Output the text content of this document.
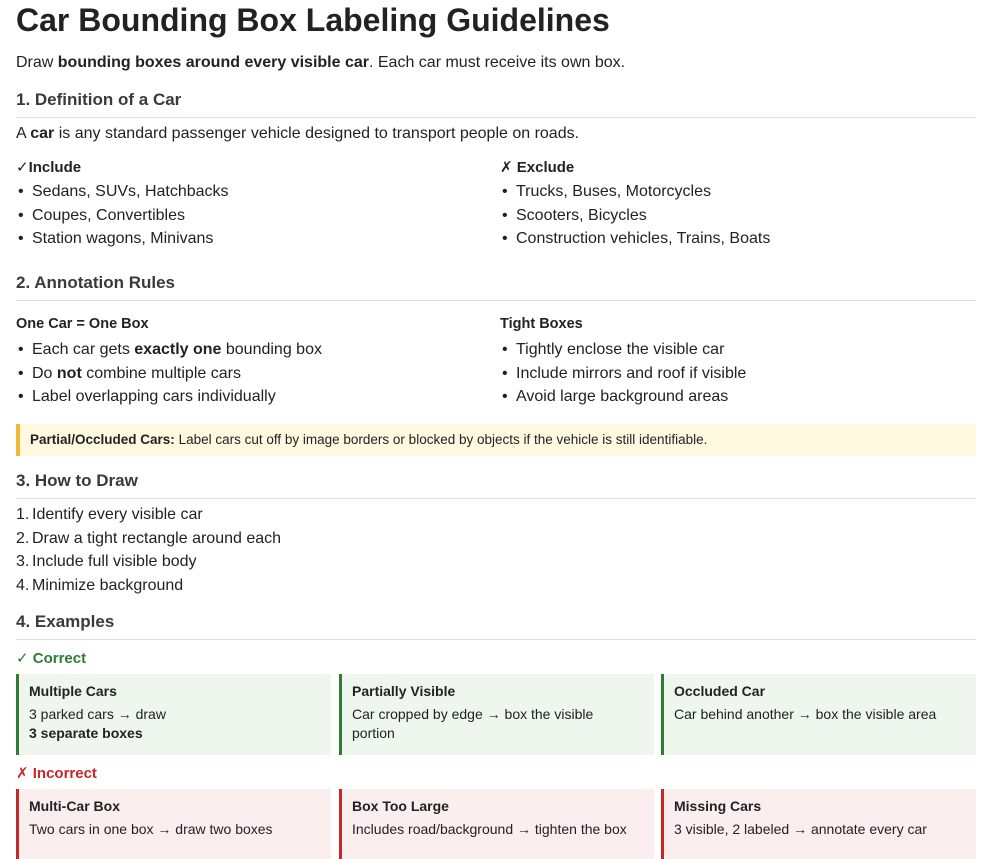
Car Bounding Box Labeling Guidelines
Draw bounding boxes around every visible car. Each car must receive its own box.
1. Definition of a Car
A car is any standard passenger vehicle designed to transport people on roads.
✓Include
• Sedans, SUVs, Hatchbacks
• Coupes, Convertibles
• Station wagons, Minivans
✗ Exclude
• Trucks, Buses, Motorcycles
• Scooters, Bicycles
• Construction vehicles, Trains, Boats
2. Annotation Rules
One Car = One Box
• Each car gets exactly one bounding box
• Do not combine multiple cars
• Label overlapping cars individually
Tight Boxes
• Tightly enclose the visible car
• Include mirrors and roof if visible
• Avoid large background areas
Partial/Occluded Cars: Label cars cut off by image borders or blocked by objects if the vehicle is still identifiable.
3. How to Draw
1. Identify every visible car
2. Draw a tight rectangle around each
3. Include full visible body
4. Minimize background
4. Examples
✓ Correct
Multiple Cars
3 parked cars → draw
3 separate boxes
Partially Visible
Car cropped by edge → box the visible portion
Occluded Car
Car behind another → box the visible area
✗ Incorrect
Multi-Car Box
Two cars in one box → draw two boxes
Box Too Large
Includes road/background → tighten the box
Missing Cars
3 visible, 2 labeled → annotate every car
